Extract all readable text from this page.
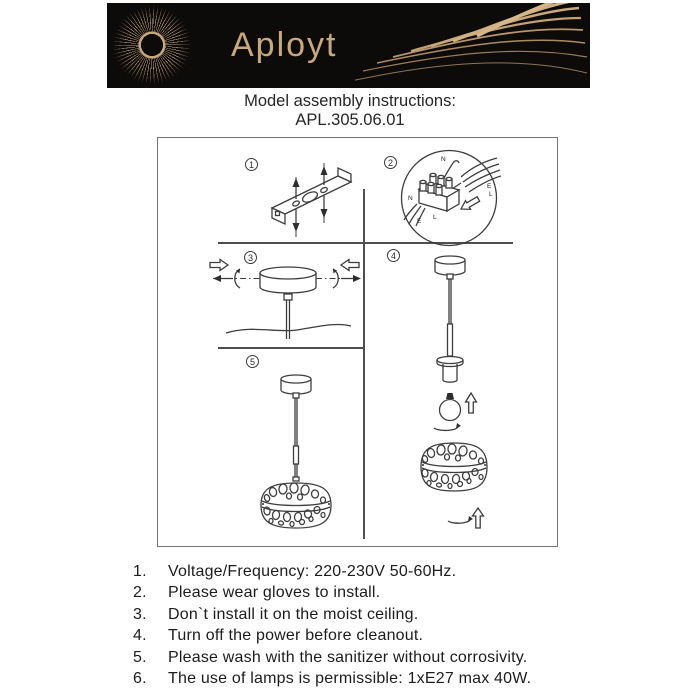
Aployt
Model assembly instructions:
APL.305.06.01
1	2
3	4
5
N
E
L
N
E
L
1.	Voltage/Frequency: 220-230V 50-60Hz.
2.	Please wear gloves to install.
3.	Don`t install it on the moist ceiling.
4.	Turn off the power before cleanout.
5.	Please wash with the sanitizer without corrosivity.
6.	The use of lamps is permissible: 1xE27 max 40W.
